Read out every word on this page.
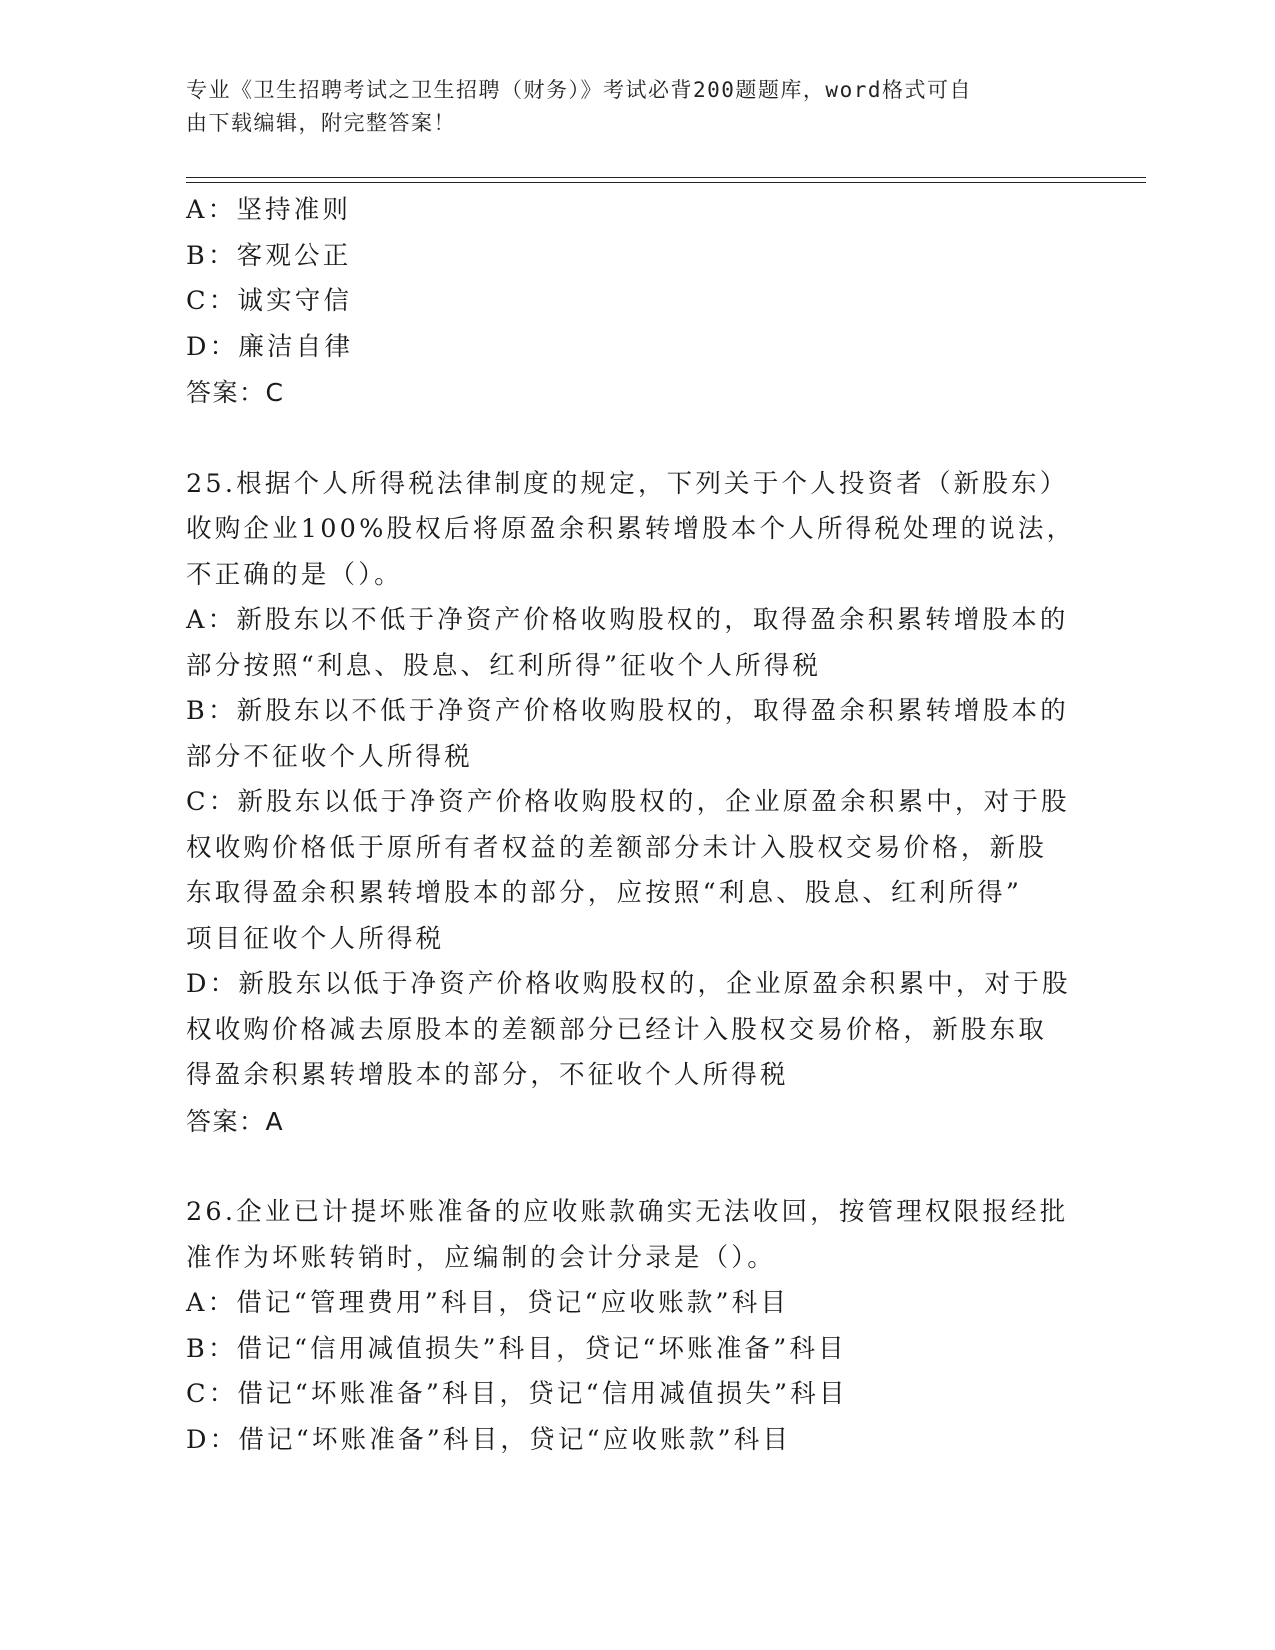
专业《卫生招聘考试之卫生招聘（财务）》考试必背200题题库，word格式可自
由下载编辑，附完整答案！
A：坚持准则
B：客观公正
C：诚实守信
D：廉洁自律
答案：C
25.根据个人所得税法律制度的规定，下列关于个人投资者（新股东）
收购企业100%股权后将原盈余积累转增股本个人所得税处理的说法，
不正确的是（）。
A：新股东以不低于净资产价格收购股权的，取得盈余积累转增股本的
部分按照“利息、股息、红利所得”征收个人所得税
B：新股东以不低于净资产价格收购股权的，取得盈余积累转增股本的
部分不征收个人所得税
C：新股东以低于净资产价格收购股权的，企业原盈余积累中，对于股
权收购价格低于原所有者权益的差额部分未计入股权交易价格，新股
东取得盈余积累转增股本的部分，应按照“利息、股息、红利所得”
项目征收个人所得税
D：新股东以低于净资产价格收购股权的，企业原盈余积累中，对于股
权收购价格减去原股本的差额部分已经计入股权交易价格，新股东取
得盈余积累转增股本的部分，不征收个人所得税
答案：A
26.企业已计提坏账准备的应收账款确实无法收回，按管理权限报经批
准作为坏账转销时，应编制的会计分录是（）。
A：借记“管理费用”科目，贷记“应收账款”科目
B：借记“信用减值损失”科目，贷记“坏账准备”科目
C：借记“坏账准备”科目，贷记“信用减值损失”科目
D：借记“坏账准备”科目，贷记“应收账款”科目
